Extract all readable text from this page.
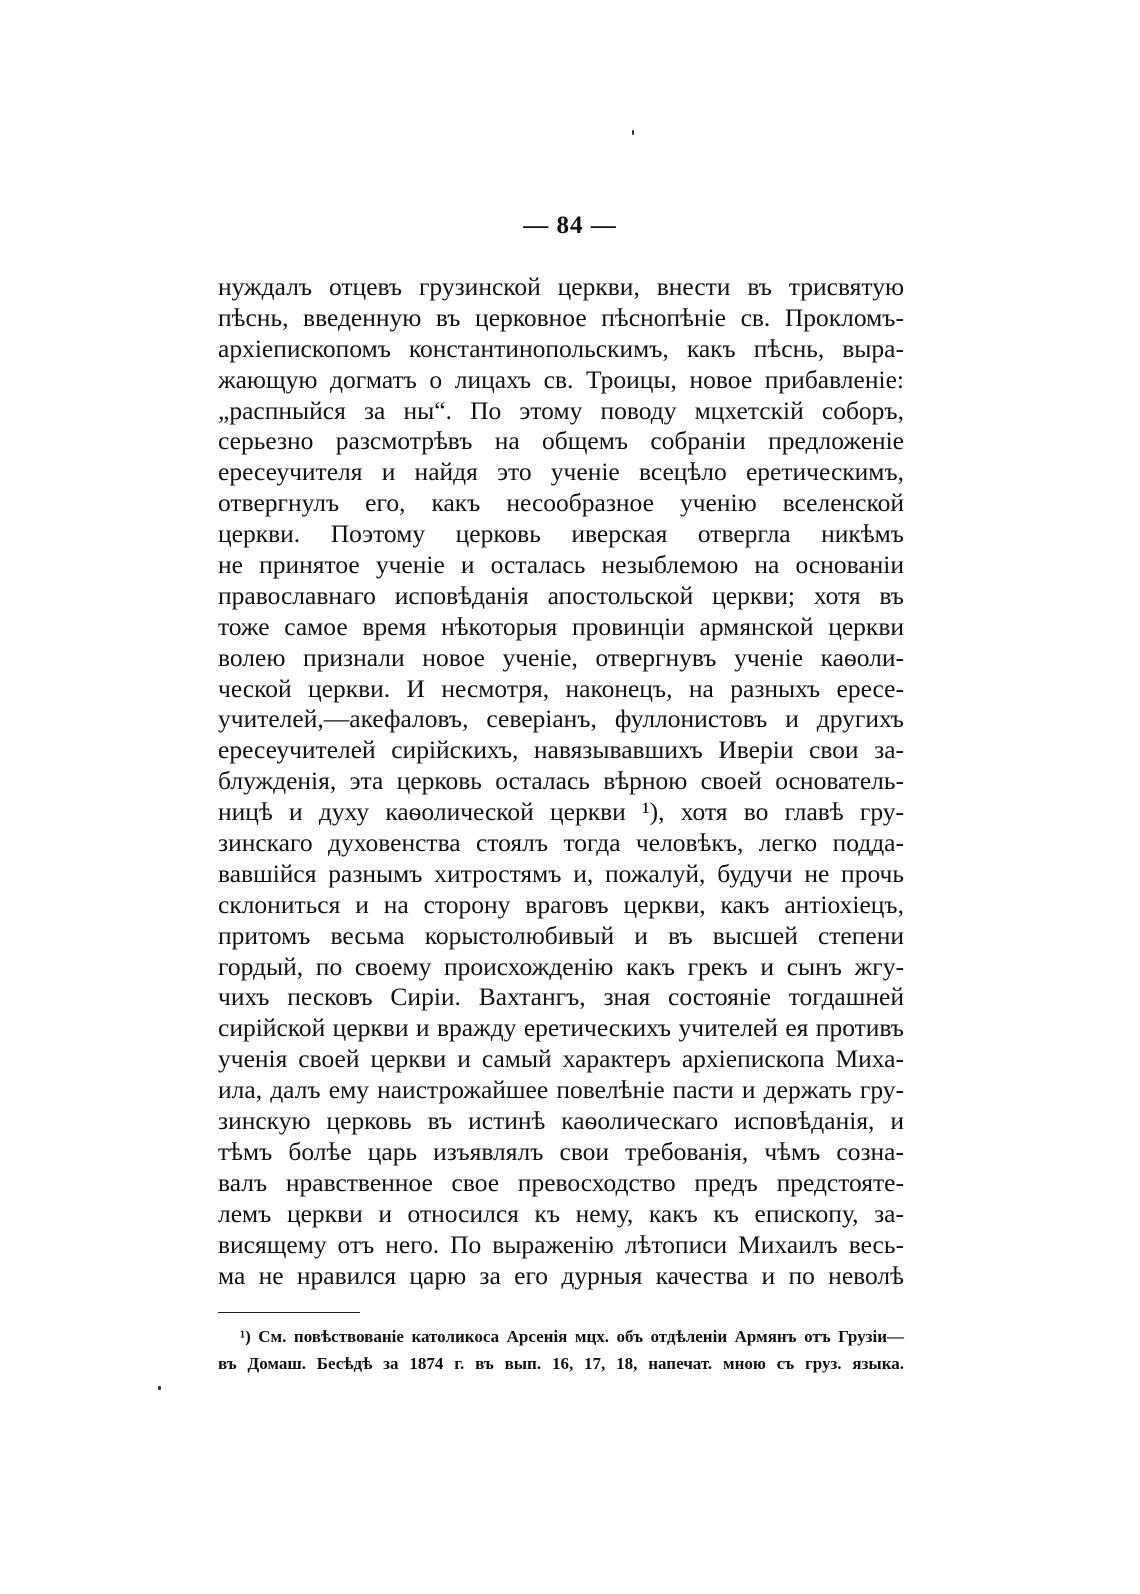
— 84 —
нуждалъ отцевъ грузинской церкви, внести въ трисвятую
пѣснь, введенную въ церковное пѣснопѣніе св. Прокломъ-
архіепископомъ константинопольскимъ, какъ пѣснь, выра-
жающую догматъ о лицахъ св. Троицы, новое прибавленіе:
„распныйся за ны“. По этому поводу мцхетскій соборъ,
серьезно разсмотрѣвъ на общемъ собраніи предложеніе
ересеучителя и найдя это ученіе всецѣло еретическимъ,
отвергнулъ его, какъ несообразное ученію вселенской
церкви. Поэтому церковь иверская отвергла никѣмъ
не принятое ученіе и осталась незыблемою на основаніи
православнаго исповѣданія апостольской церкви; хотя въ
тоже самое время нѣкоторыя провинціи армянской церкви
волею признали новое ученіе, отвергнувъ ученіе каѳоли-
ческой церкви. И несмотря, наконецъ, на разныхъ ересе-
учителей,—акефаловъ, северіанъ, фуллонистовъ и другихъ
ересеучителей сирійскихъ, навязывавшихъ Иверіи свои за-
блужденія, эта церковь осталась вѣрною своей основатель-
ницѣ и духу каѳолической церкви ¹), хотя во главѣ гру-
зинскаго духовенства стоялъ тогда человѣкъ, легко подда-
вавшійся разнымъ хитростямъ и, пожалуй, будучи не прочь
склониться и на сторону враговъ церкви, какъ антіохіецъ,
притомъ весьма корыстолюбивый и въ высшей степени
гордый, по своему происхожденію какъ грекъ и сынъ жгу-
чихъ песковъ Сиріи. Вахтангъ, зная состояніе тогдашней
сирійской церкви и вражду еретическихъ учителей ея противъ
ученія своей церкви и самый характеръ архіепископа Миха-
ила, далъ ему наистрожайшее повелѣніе пасти и держать гру-
зинскую церковь въ истинѣ каѳолическаго исповѣданія, и
тѣмъ болѣе царь изъявлялъ свои требованія, чѣмъ созна-
валъ нравственное свое превосходство предъ предстояте-
лемъ церкви и относился къ нему, какъ къ епископу, за-
висящему отъ него. По выраженію лѣтописи Михаилъ весь-
ма не нравился царю за его дурныя качества и по неволѣ
¹) См. повѣствованіе католикоса Арсенія мцх. объ отдѣленіи Армянъ отъ Грузіи—
въ Домаш. Бесѣдѣ за 1874 г. въ вып. 16, 17, 18, напечат. мною съ груз. языка.
